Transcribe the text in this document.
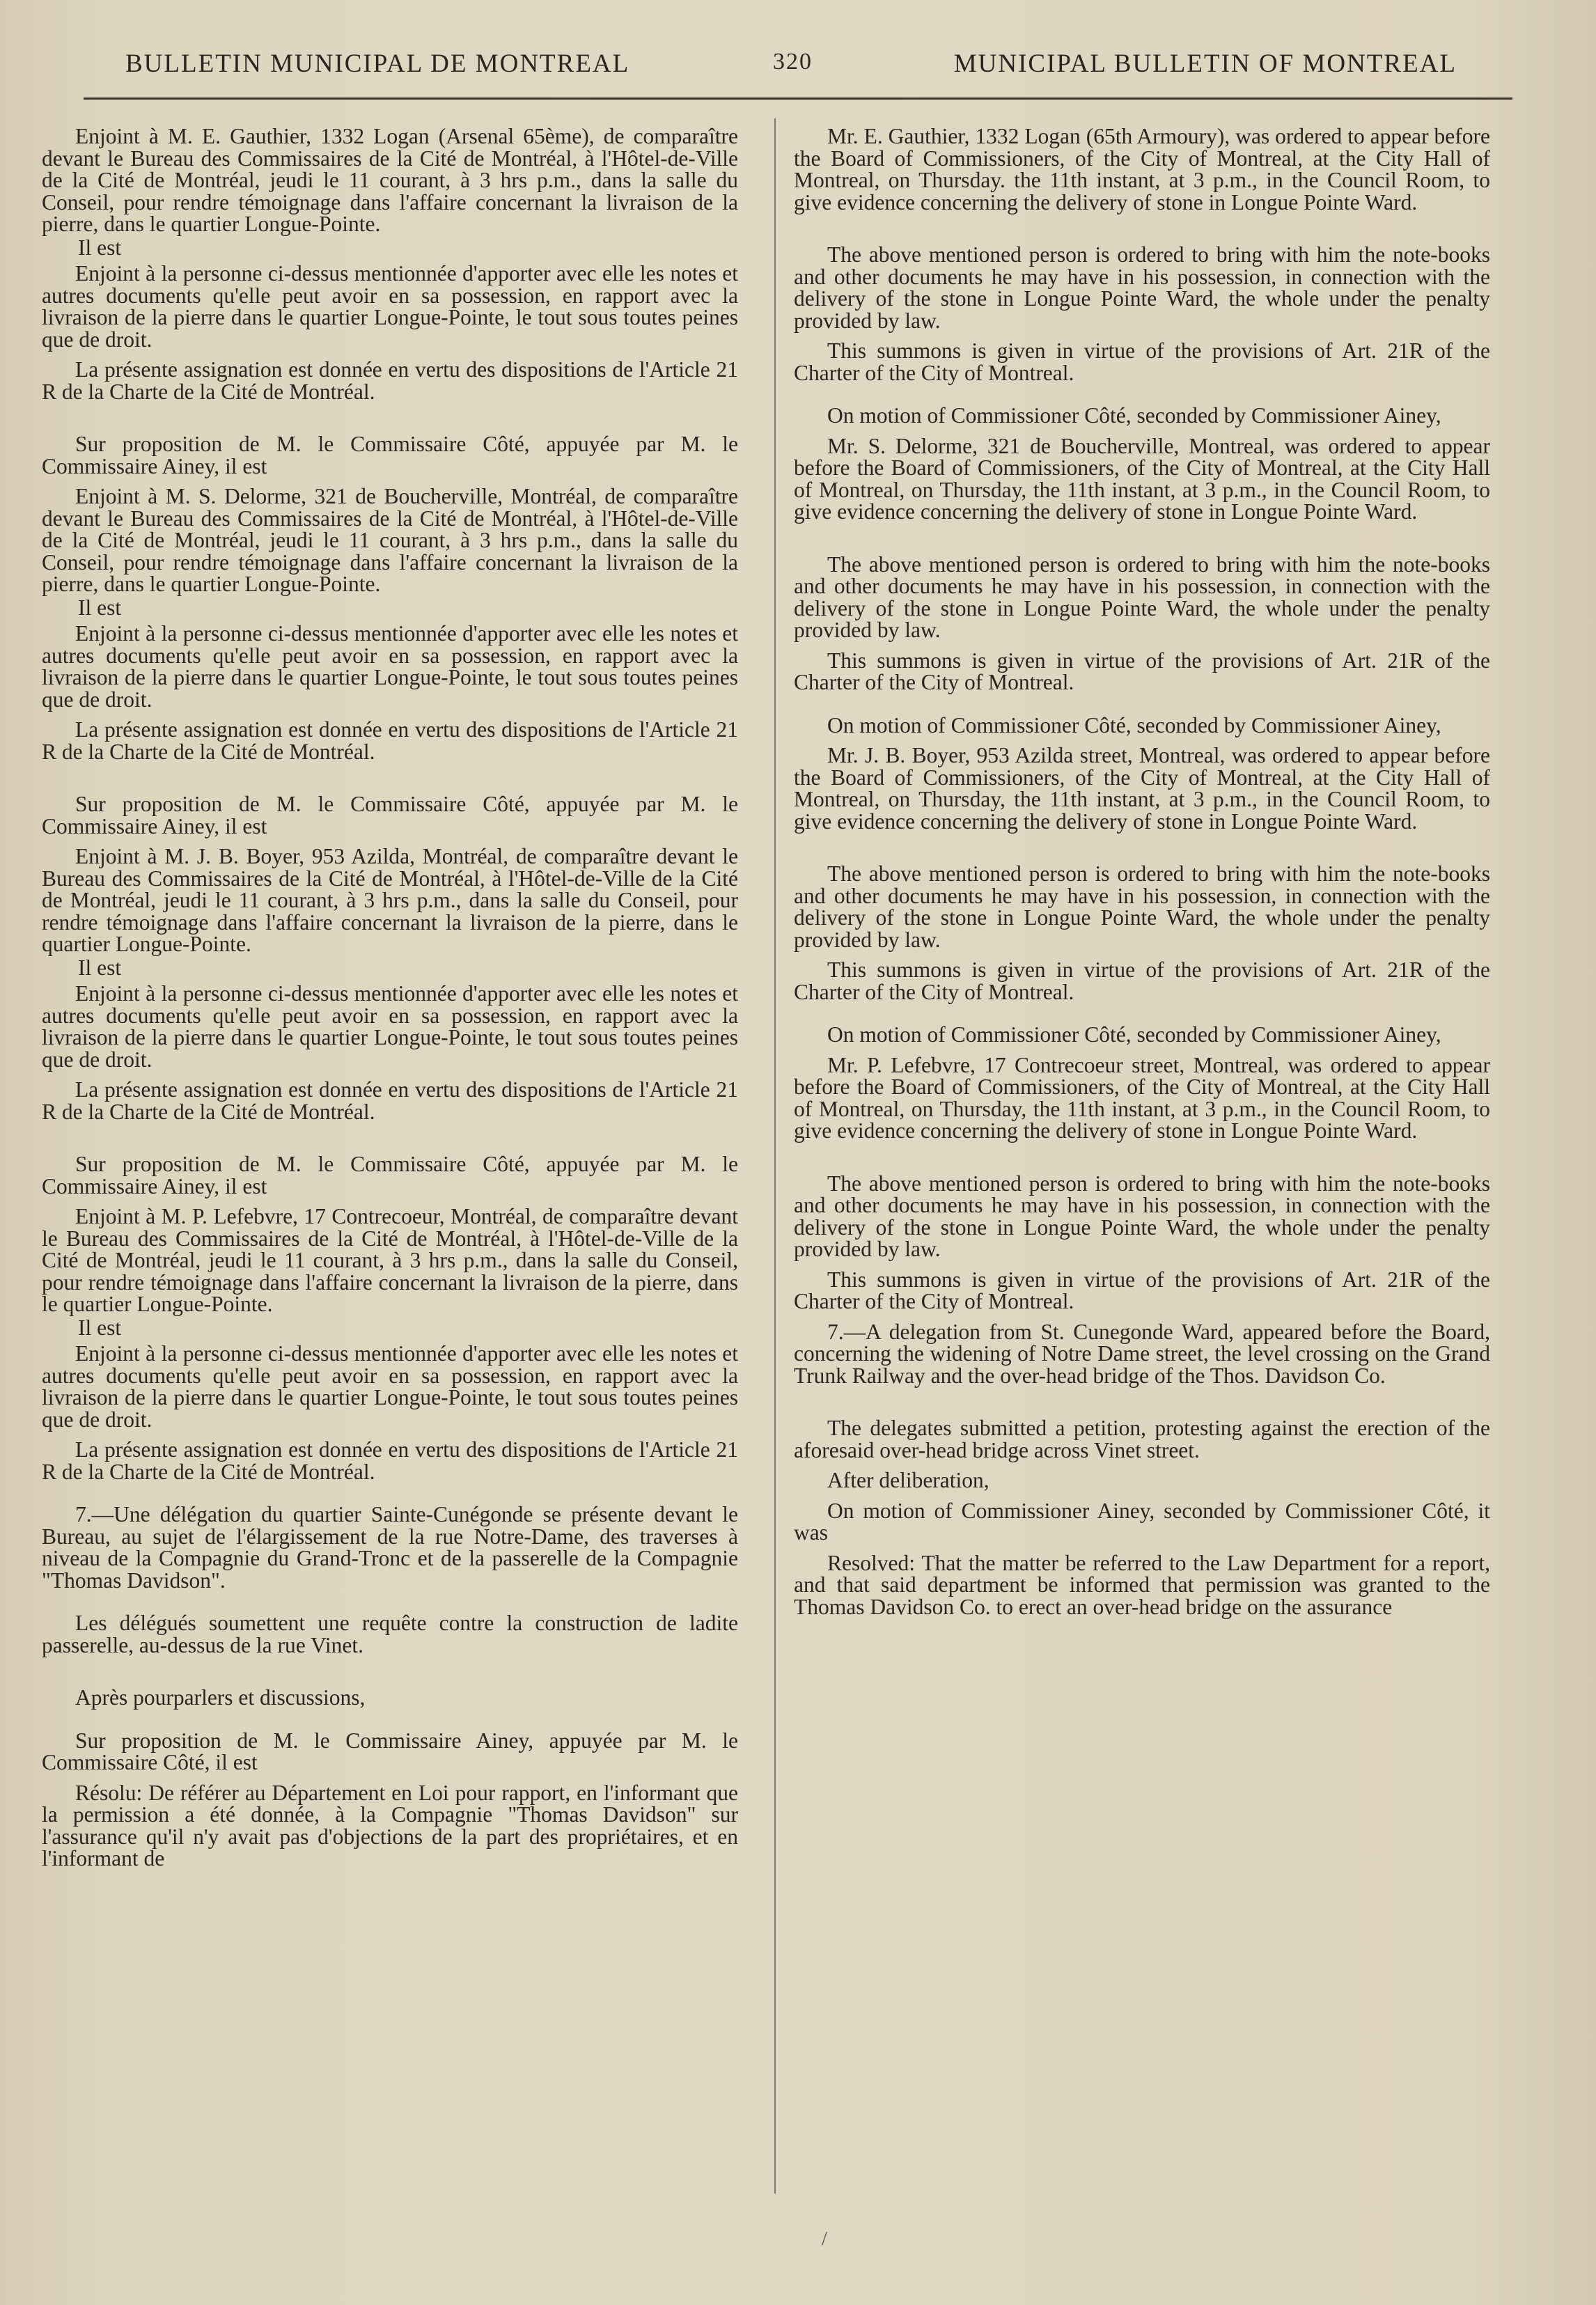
BULLETIN MUNICIPAL DE MONTREAL	320	MUNICIPAL BULLETIN OF MONTREAL

Enjoint à M. E. Gauthier, 1332 Logan (Arsenal 65ème), de comparaître devant le Bureau des Commissaires de la Cité de Montréal, à l'Hôtel-de-Ville de la Cité de Montréal, jeudi le 11 courant, à 3 hrs p.m., dans la salle du Conseil, pour rendre témoignage dans l'affaire concernant la livraison de la pierre, dans le quartier Longue-Pointe.

Il est

Enjoint à la personne ci-dessus mentionnée d'apporter avec elle les notes et autres documents qu'elle peut avoir en sa possession, en rapport avec la livraison de la pierre dans le quartier Longue-Pointe, le tout sous toutes peines que de droit.

La présente assignation est donnée en vertu des dispositions de l'Article 21 R de la Charte de la Cité de Montréal.

Sur proposition de M. le Commissaire Côté, appuyée par M. le Commissaire Ainey, il est

Enjoint à M. S. Delorme, 321 de Boucherville, Montréal, de comparaître devant le Bureau des Commissaires de la Cité de Montréal, à l'Hôtel-de-Ville de la Cité de Montréal, jeudi le 11 courant, à 3 hrs p.m., dans la salle du Conseil, pour rendre témoignage dans l'affaire concernant la livraison de la pierre, dans le quartier Longue-Pointe.

Il est

Enjoint à la personne ci-dessus mentionnée d'apporter avec elle les notes et autres documents qu'elle peut avoir en sa possession, en rapport avec la livraison de la pierre dans le quartier Longue-Pointe, le tout sous toutes peines que de droit.

La présente assignation est donnée en vertu des dispositions de l'Article 21 R de la Charte de la Cité de Montréal.

Sur proposition de M. le Commissaire Côté, appuyée par M. le Commissaire Ainey, il est

Enjoint à M. J. B. Boyer, 953 Azilda, Montréal, de comparaître devant le Bureau des Commissaires de la Cité de Montréal, à l'Hôtel-de-Ville de la Cité de Montréal, jeudi le 11 courant, à 3 hrs p.m., dans la salle du Conseil, pour rendre témoignage dans l'affaire concernant la livraison de la pierre, dans le quartier Longue-Pointe.

Il est

Enjoint à la personne ci-dessus mentionnée d'apporter avec elle les notes et autres documents qu'elle peut avoir en sa possession, en rapport avec la livraison de la pierre dans le quartier Longue-Pointe, le tout sous toutes peines que de droit.

La présente assignation est donnée en vertu des dispositions de l'Article 21 R de la Charte de la Cité de Montréal.

Sur proposition de M. le Commissaire Côté, appuyée par M. le Commissaire Ainey, il est

Enjoint à M. P. Lefebvre, 17 Contrecoeur, Montréal, de comparaître devant le Bureau des Commissaires de la Cité de Montréal, à l'Hôtel-de-Ville de la Cité de Montréal, jeudi le 11 courant, à 3 hrs p.m., dans la salle du Conseil, pour rendre témoignage dans l'affaire concernant la livraison de la pierre, dans le quartier Longue-Pointe.

Il est

Enjoint à la personne ci-dessus mentionnée d'apporter avec elle les notes et autres documents qu'elle peut avoir en sa possession, en rapport avec la livraison de la pierre dans le quartier Longue-Pointe, le tout sous toutes peines que de droit.

La présente assignation est donnée en vertu des dispositions de l'Article 21 R de la Charte de la Cité de Montréal.

7.—Une délégation du quartier Sainte-Cunégonde se présente devant le Bureau, au sujet de l'élargissement de la rue Notre-Dame, des traverses à niveau de la Compagnie du Grand-Tronc et de la passerelle de la Compagnie "Thomas Davidson".

Les délégués soumettent une requête contre la construction de ladite passerelle, au-dessus de la rue Vinet.

Après pourparlers et discussions,

Sur proposition de M. le Commissaire Ainey, appuyée par M. le Commissaire Côté, il est

Résolu: De référer au Département en Loi pour rapport, en l'informant que la permission a été donnée, à la Compagnie "Thomas Davidson" sur l'assurance qu'il n'y avait pas d'objections de la part des propriétaires, et en l'informant de

Mr. E. Gauthier, 1332 Logan (65th Armoury), was ordered to appear before the Board of Commissioners, of the City of Montreal, at the City Hall of Montreal, on Thursday. the 11th instant, at 3 p.m., in the Council Room, to give evidence concerning the delivery of stone in Longue Pointe Ward.

The above mentioned person is ordered to bring with him the note-books and other documents he may have in his possession, in connection with the delivery of the stone in Longue Pointe Ward, the whole under the penalty provided by law.

This summons is given in virtue of the provisions of Art. 21R of the Charter of the City of Montreal.

On motion of Commissioner Côté, seconded by Commissioner Ainey,

Mr. S. Delorme, 321 de Boucherville, Montreal, was ordered to appear before the Board of Commissioners, of the City of Montreal, at the City Hall of Montreal, on Thursday, the 11th instant, at 3 p.m., in the Council Room, to give evidence concerning the delivery of stone in Longue Pointe Ward.

The above mentioned person is ordered to bring with him the note-books and other documents he may have in his possession, in connection with the delivery of the stone in Longue Pointe Ward, the whole under the penalty provided by law.

This summons is given in virtue of the provisions of Art. 21R of the Charter of the City of Montreal.

On motion of Commissioner Côté, seconded by Commissioner Ainey,

Mr. J. B. Boyer, 953 Azilda street, Montreal, was ordered to appear before the Board of Commissioners, of the City of Montreal, at the City Hall of Montreal, on Thursday, the 11th instant, at 3 p.m., in the Council Room, to give evidence concerning the delivery of stone in Longue Pointe Ward.

The above mentioned person is ordered to bring with him the note-books and other documents he may have in his possession, in connection with the delivery of the stone in Longue Pointe Ward, the whole under the penalty provided by law.

This summons is given in virtue of the provisions of Art. 21R of the Charter of the City of Montreal.

On motion of Commissioner Côté, seconded by Commissioner Ainey,

Mr. P. Lefebvre, 17 Contrecoeur street, Montreal, was ordered to appear before the Board of Commissioners, of the City of Montreal, at the City Hall of Montreal, on Thursday, the 11th instant, at 3 p.m., in the Council Room, to give evidence concerning the delivery of stone in Longue Pointe Ward.

The above mentioned person is ordered to bring with him the note-books and other documents he may have in his possession, in connection with the delivery of the stone in Longue Pointe Ward, the whole under the penalty provided by law.

This summons is given in virtue of the provisions of Art. 21R of the Charter of the City of Montreal.

7.—A delegation from St. Cunegonde Ward, appeared before the Board, concerning the widening of Notre Dame street, the level crossing on the Grand Trunk Railway and the over-head bridge of the Thos. Davidson Co.

The delegates submitted a petition, protesting against the erection of the aforesaid over-head bridge across Vinet street.

After deliberation,

On motion of Commissioner Ainey, seconded by Commissioner Côté, it was

Resolved: That the matter be referred to the Law Department for a report, and that said department be informed that permission was granted to the Thomas Davidson Co. to erect an over-head bridge on the assurance

/
